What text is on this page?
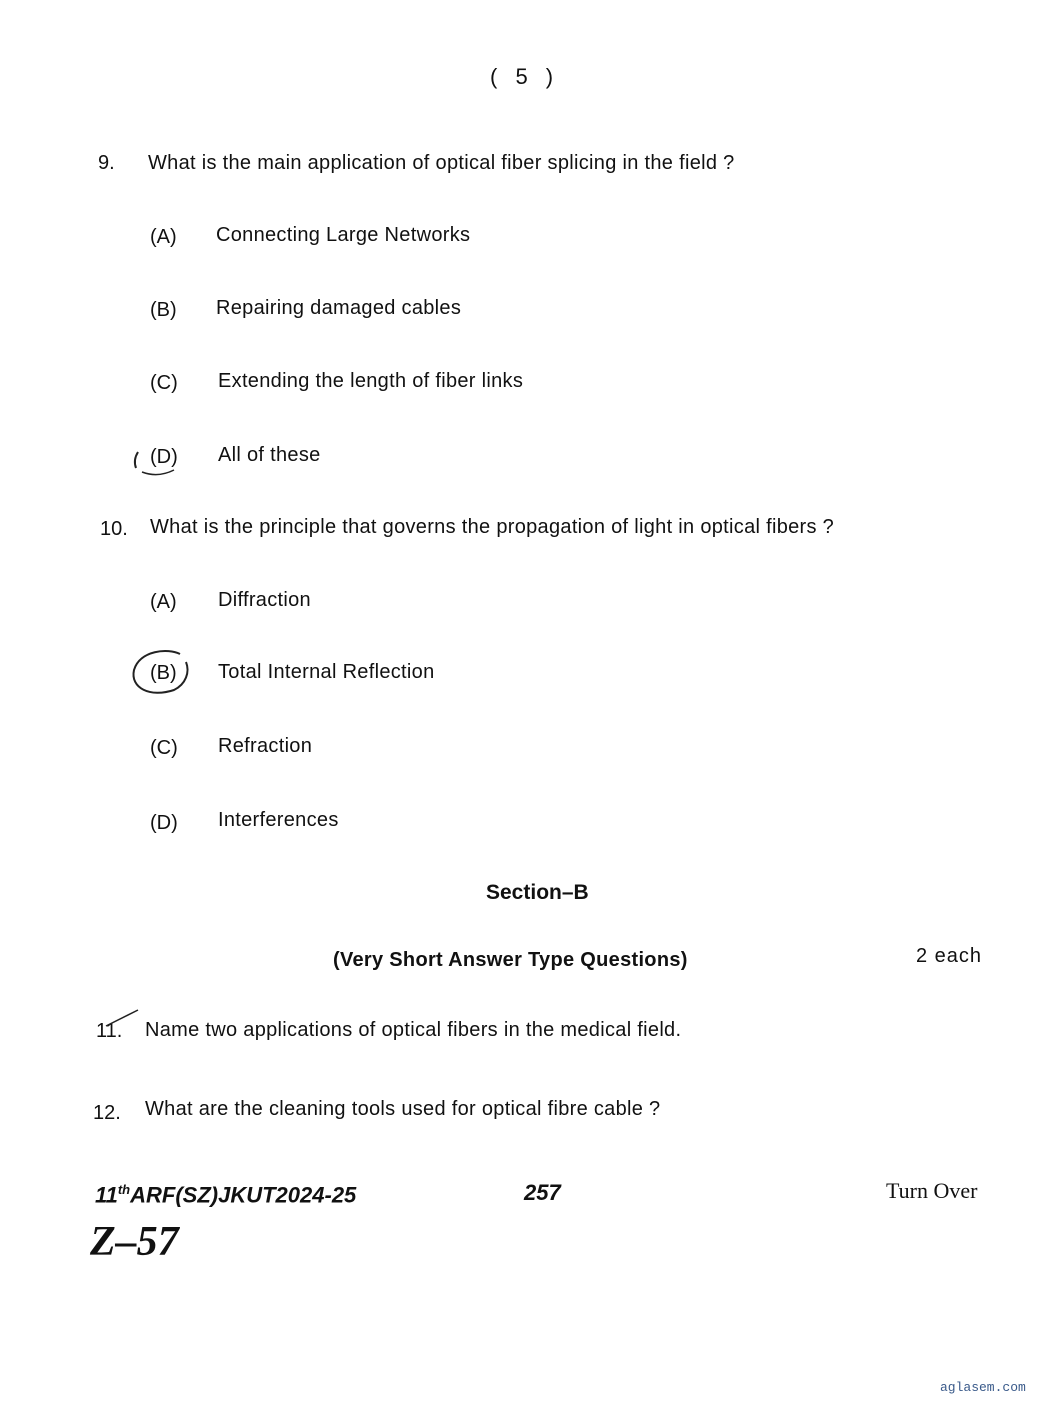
( 5 )
9. What is the main application of optical fiber splicing in the field ?
(A) Connecting Large Networks
(B) Repairing damaged cables
(C) Extending the length of fiber links
(D) All of these
10. What is the principle that governs the propagation of light in optical fibers ?
(A) Diffraction
(B) Total Internal Reflection
(C) Refraction
(D) Interferences
Section–B
(Very Short Answer Type Questions)	2 each
11. Name two applications of optical fibers in the medical field.
12. What are the cleaning tools used for optical fibre cable ?
11thARF(SZ)JKUT2024-25	257	Turn Over
Z–57
aglasem.com
